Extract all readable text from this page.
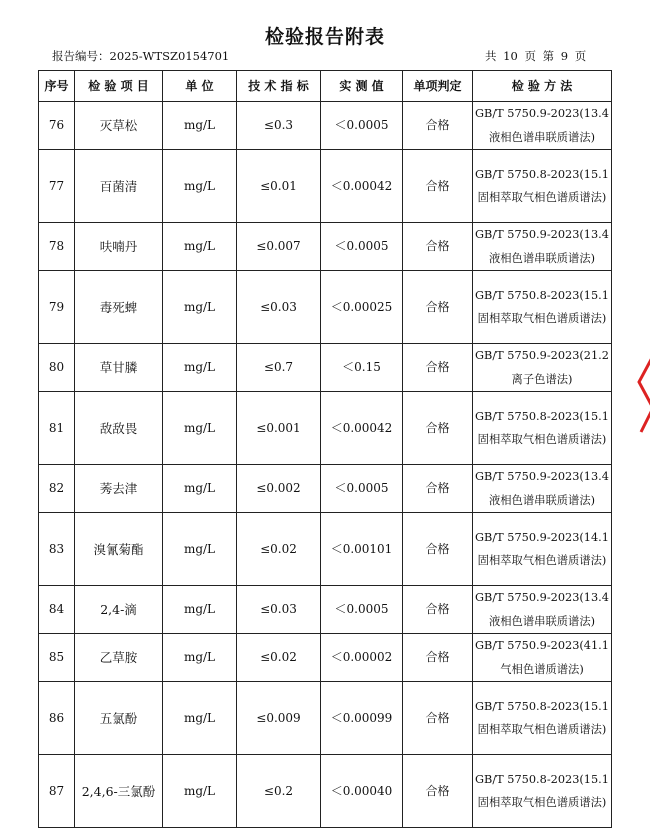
检验报告附表
报告编号：2025-WTSZ0154701	共 10 页 第 9 页
序号	检 验 项 目	单 位	技 术 指 标	实 测 值	单项判定	检 验 方 法
76	灭草松	mg/L	≤0.3	＜0.0005	合格	GB/T 5750.9-2023(13.4液相色谱串联质谱法)
77	百菌清	mg/L	≤0.01	＜0.00042	合格	GB/T 5750.8-2023(15.1固相萃取气相色谱质谱法)
78	呋喃丹	mg/L	≤0.007	＜0.0005	合格	GB/T 5750.9-2023(13.4液相色谱串联质谱法)
79	毒死蜱	mg/L	≤0.03	＜0.00025	合格	GB/T 5750.8-2023(15.1固相萃取气相色谱质谱法)
80	草甘膦	mg/L	≤0.7	＜0.15	合格	GB/T 5750.9-2023(21.2离子色谱法)
81	敌敌畏	mg/L	≤0.001	＜0.00042	合格	GB/T 5750.8-2023(15.1固相萃取气相色谱质谱法)
82	莠去津	mg/L	≤0.002	＜0.0005	合格	GB/T 5750.9-2023(13.4液相色谱串联质谱法)
83	溴氰菊酯	mg/L	≤0.02	＜0.00101	合格	GB/T 5750.9-2023(14.1固相萃取气相色谱质谱法)
84	2,4-滴	mg/L	≤0.03	＜0.0005	合格	GB/T 5750.9-2023(13.4液相色谱串联质谱法)
85	乙草胺	mg/L	≤0.02	＜0.00002	合格	GB/T 5750.9-2023(41.1气相色谱质谱法)
86	五氯酚	mg/L	≤0.009	＜0.00099	合格	GB/T 5750.8-2023(15.1固相萃取气相色谱质谱法)
87	2,4,6-三氯酚	mg/L	≤0.2	＜0.00040	合格	GB/T 5750.8-2023(15.1固相萃取气相色谱质谱法)
